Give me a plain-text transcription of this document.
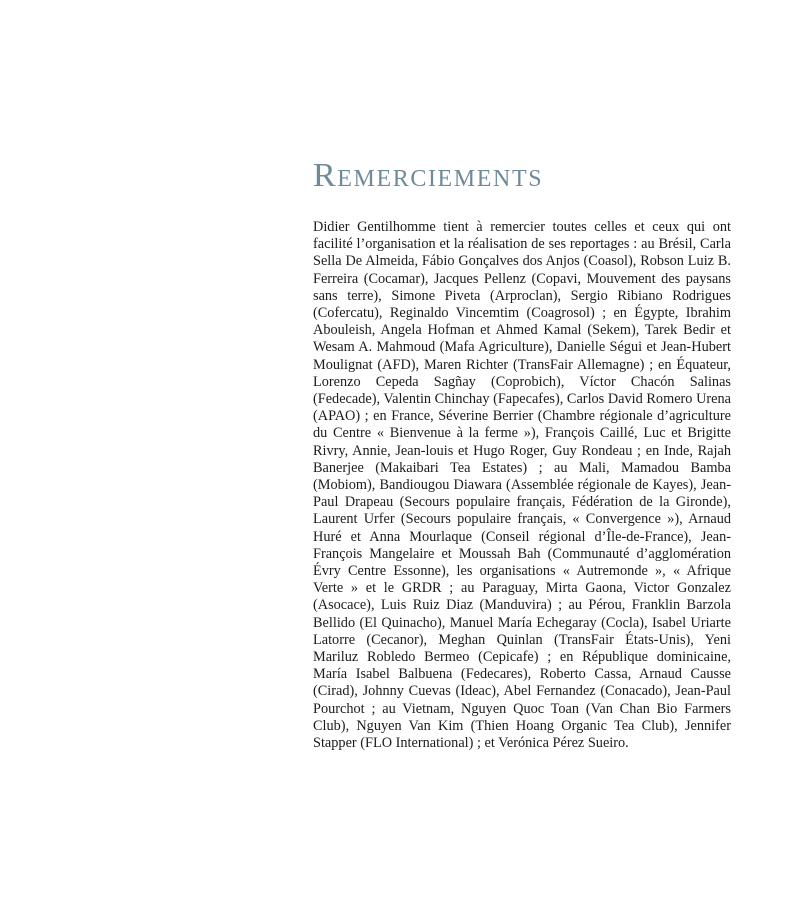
Remerciements

Didier Gentilhomme tient à remercier toutes celles et ceux qui ont facilité l’organisation et la réalisation de ses reportages : au Brésil, Carla Sella De Almeida, Fábio Gonçalves dos Anjos (Coasol), Robson Luiz B. Ferreira (Cocamar), Jacques Pellenz (Copavi, Mouvement des paysans sans terre), Simone Piveta (Arproclan), Sergio Ribiano Rodrigues (Cofercatu), Reginaldo Vincemtim (Coagrosol) ; en Égypte, Ibrahim Abouleish, Angela Hofman et Ahmed Kamal (Sekem), Tarek Bedir et Wesam A. Mahmoud (Mafa Agriculture), Danielle Ségui et Jean-Hubert Moulignat (AFD), Maren Richter (TransFair Allemagne) ; en Équateur, Lorenzo Cepeda Sagñay (Coprobich), Víctor Chacón Salinas (Fedecade), Valentin Chinchay (Fapecafes), Carlos David Romero Urena (APAO) ; en France, Séverine Berrier (Chambre régionale d’agriculture du Centre « Bienvenue à la ferme »), François Caillé, Luc et Brigitte Rivry, Annie, Jean-louis et Hugo Roger, Guy Rondeau ; en Inde, Rajah Banerjee (Makaibari Tea Estates) ; au Mali, Mamadou Bamba (Mobiom), Bandiougou Diawara (Assemblée régionale de Kayes), Jean-Paul Drapeau (Secours populaire français, Fédération de la Gironde), Laurent Urfer (Secours populaire français, « Convergence »), Arnaud Huré et Anna Mourlaque (Conseil régional d’Île-de-France), Jean-François Mangelaire et Moussah Bah (Communauté d’agglomération Évry Centre Essonne), les organisations « Autremonde », « Afrique Verte » et le GRDR ; au Paraguay, Mirta Gaona, Victor Gonzalez (Asocace), Luis Ruiz Diaz (Manduvira) ; au Pérou, Franklin Barzola Bellido (El Quinacho), Manuel María Echegaray (Cocla), Isabel Uriarte Latorre (Cecanor), Meghan Quinlan (TransFair États-Unis), Yeni Mariluz Robledo Bermeo (Cepicafe) ; en République dominicaine, María Isabel Balbuena (Fedecares), Roberto Cassa, Arnaud Causse (Cirad), Johnny Cuevas (Ideac), Abel Fernandez (Conacado), Jean-Paul Pourchot ; au Vietnam, Nguyen Quoc Toan (Van Chan Bio Farmers Club), Nguyen Van Kim (Thien Hoang Organic Tea Club), Jennifer Stapper (FLO International) ; et Verónica Pérez Sueiro.
